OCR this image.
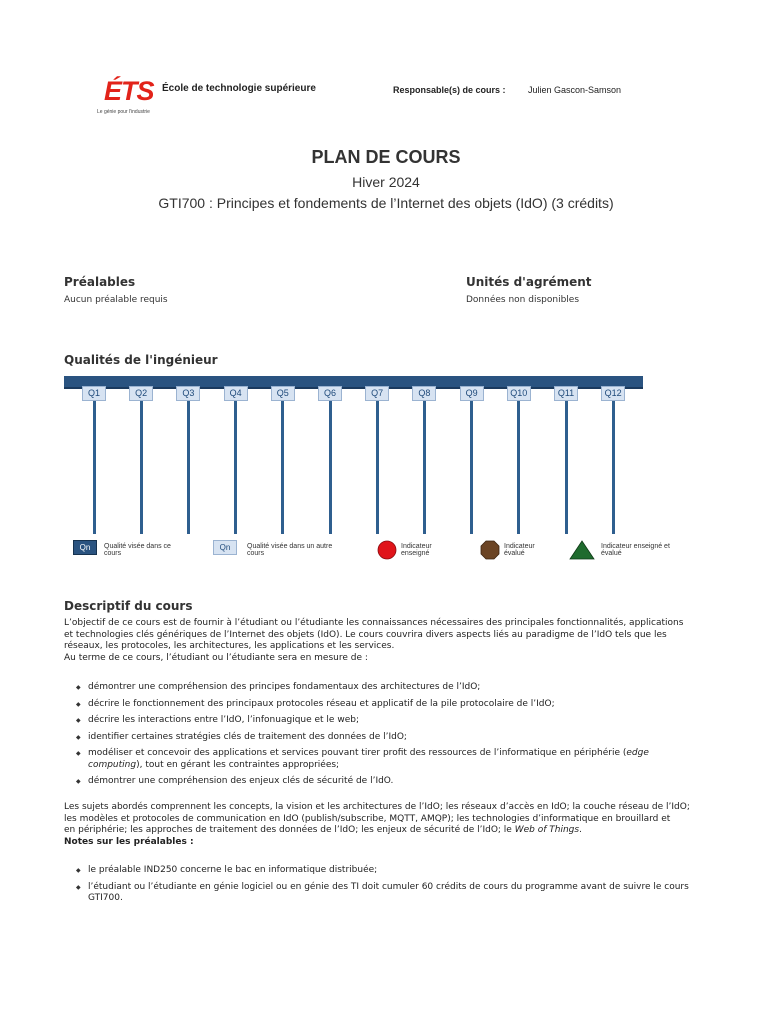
ÉTS
Le génie pour l'industrie
École de technologie supérieure	Responsable(s) de cours : Julien Gascon-Samson
PLAN DE COURS
Hiver 2024
GTI700 : Principes et fondements de l’Internet des objets (IdO) (3 crédits)
Préalables
Aucun préalable requis
Unités d'agrément
Données non disponibles
Qualités de l'ingénieur
Q1	Q2	Q3	Q4	Q5	Q6	Q7	Q8	Q9	Q10	Q11	Q12
Qn	Qualité visée dans ce
cours
Qn	Qualité visée dans un autre
cours
Indicateur
enseigné
Indicateur
évalué
Indicateur enseigné et
évalué
Descriptif du cours
L’objectif de ce cours est de fournir à l’étudiant ou l’étudiante les connaissances nécessaires des principales fonctionnalités, applications
et technologies clés génériques de l’Internet des objets (IdO). Le cours couvrira divers aspects liés au paradigme de l’IdO tels que les
réseaux, les protocoles, les architectures, les applications et les services.
Au terme de ce cours, l’étudiant ou l’étudiante sera en mesure de :
◆ démontrer une compréhension des principes fondamentaux des architectures de l’IdO;
◆ décrire le fonctionnement des principaux protocoles réseau et applicatif de la pile protocolaire de l’IdO;
◆ décrire les interactions entre l’IdO, l’infonuagique et le web;
◆ identifier certaines stratégies clés de traitement des données de l’IdO;
◆ modéliser et concevoir des applications et services pouvant tirer profit des ressources de l’informatique en périphérie (edge
computing), tout en gérant les contraintes appropriées;
◆ démontrer une compréhension des enjeux clés de sécurité de l’IdO.
Les sujets abordés comprennent les concepts, la vision et les architectures de l’IdO; les réseaux d’accès en IdO; la couche réseau de l’IdO;
les modèles et protocoles de communication en IdO (publish/subscribe, MQTT, AMQP); les technologies d’informatique en brouillard et
en périphérie; les approches de traitement des données de l’IdO; les enjeux de sécurité de l’IdO; le Web of Things.
Notes sur les préalables :
◆ le préalable IND250 concerne le bac en informatique distribuée;
◆ l’étudiant ou l’étudiante en génie logiciel ou en génie des TI doit cumuler 60 crédits de cours du programme avant de suivre le cours
GTI700.
